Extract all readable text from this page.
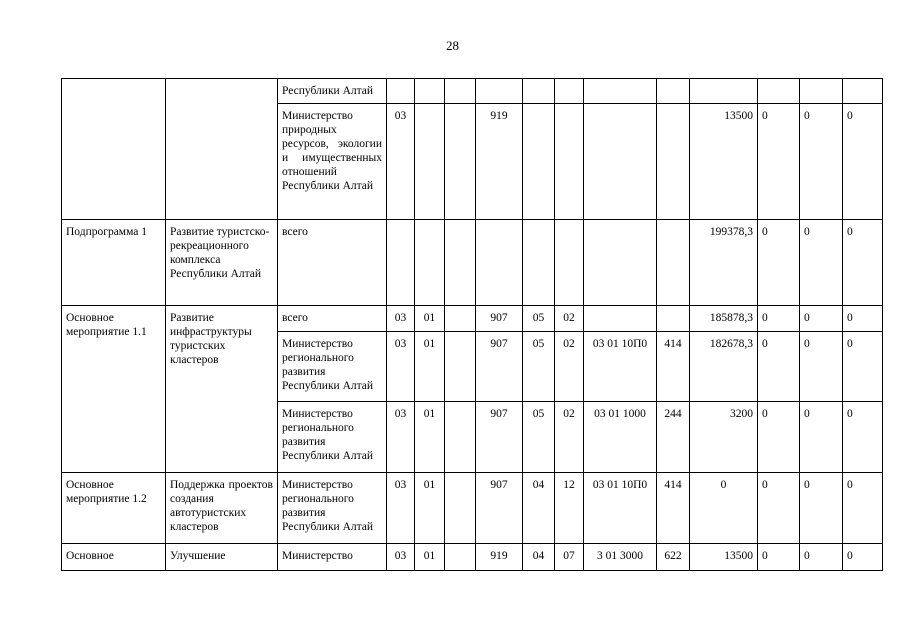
28
		Республики Алтай												
		Министерство природных ресурсов, экологии и имущественных отношений Республики Алтай	03			919					13500	0	0	0
Подпрограмма 1	Развитие туристско-рекреационного комплекса Республики Алтай	всего									199378,3	0	0	0
Основное мероприятие 1.1	Развитие инфраструктуры туристских кластеров	всего	03	01		907	05	02			185878,3	0	0	0
		Министерство регионального развития Республики Алтай	03	01		907	05	02	03 01 10П0	414	182678,3	0	0	0
		Министерство регионального развития Республики Алтай	03	01		907	05	02	03 01 1000	244	3200	0	0	0
Основное мероприятие 1.2	Поддержка проектов создания автотуристских кластеров	Министерство регионального развития Республики Алтай	03	01		907	04	12	03 01 10П0	414	0	0	0	0
Основное	Улучшение	Министерство	03	01		919	04	07	3 01 3000	622	13500	0	0	0
